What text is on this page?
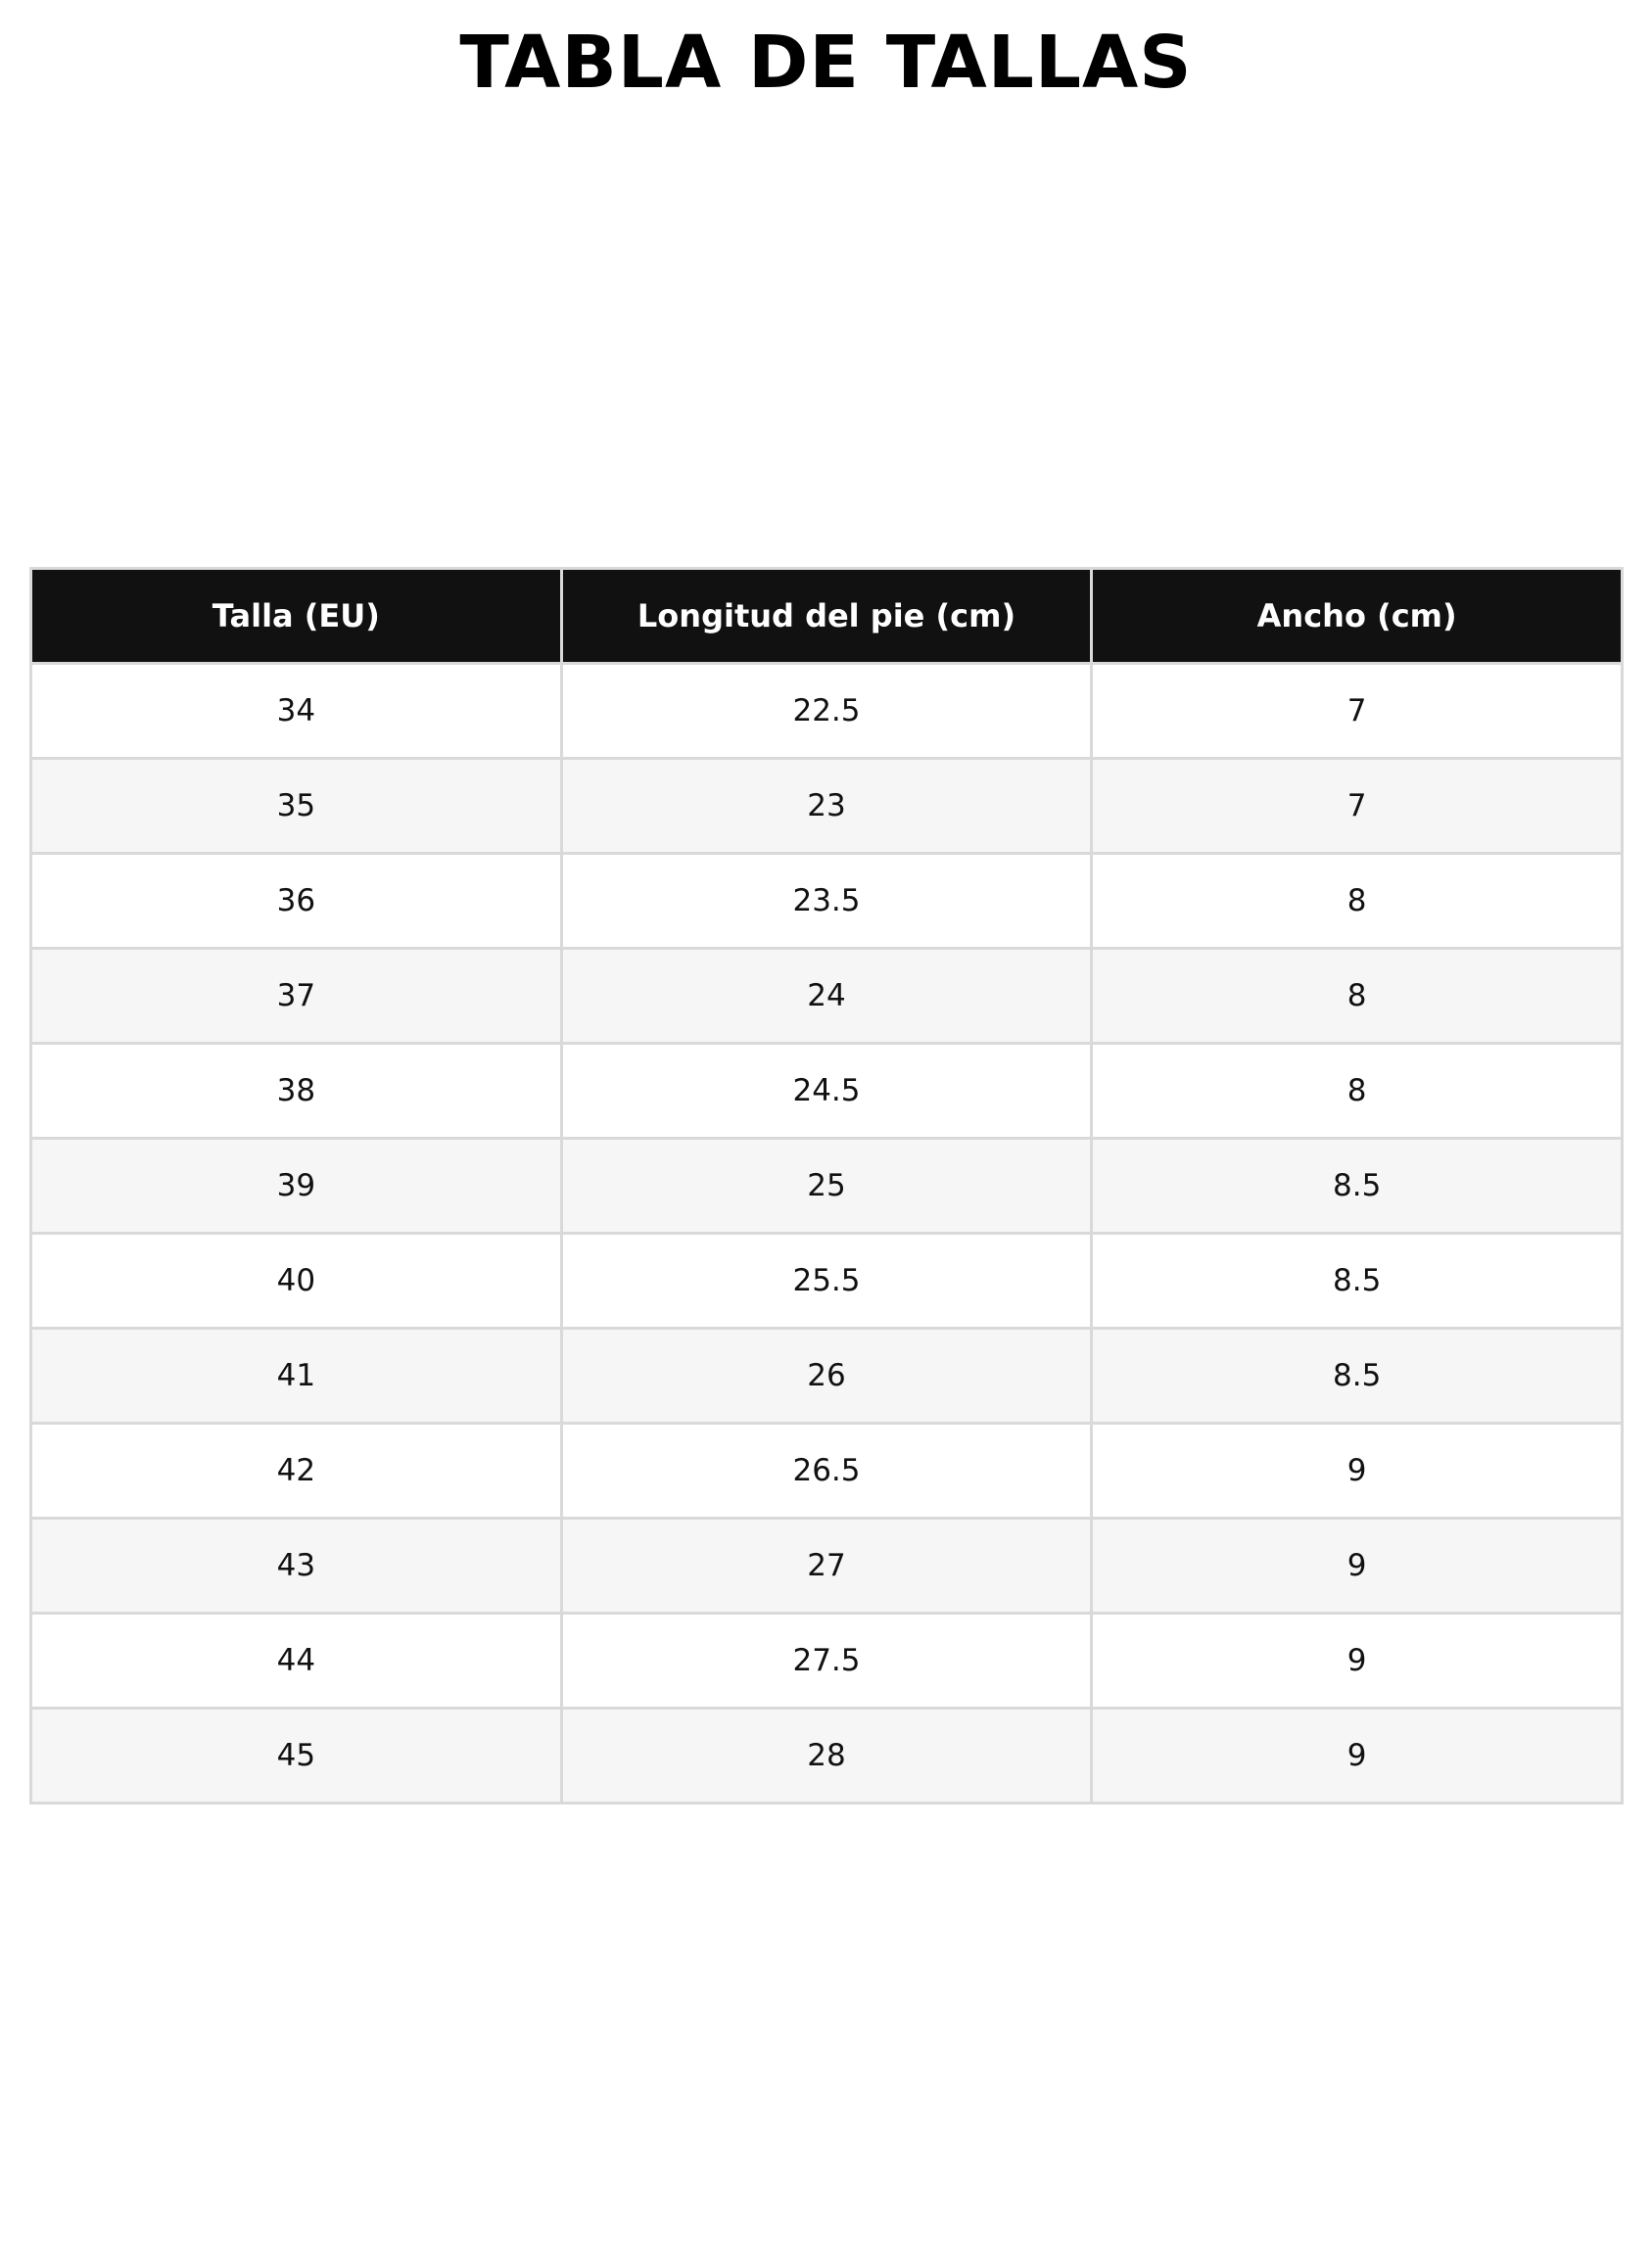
TABLA DE TALLAS
Talla (EU)	Longitud del pie (cm)	Ancho (cm)
34	22.5	7
35	23	7
36	23.5	8
37	24	8
38	24.5	8
39	25	8.5
40	25.5	8.5
41	26	8.5
42	26.5	9
43	27	9
44	27.5	9
45	28	9
